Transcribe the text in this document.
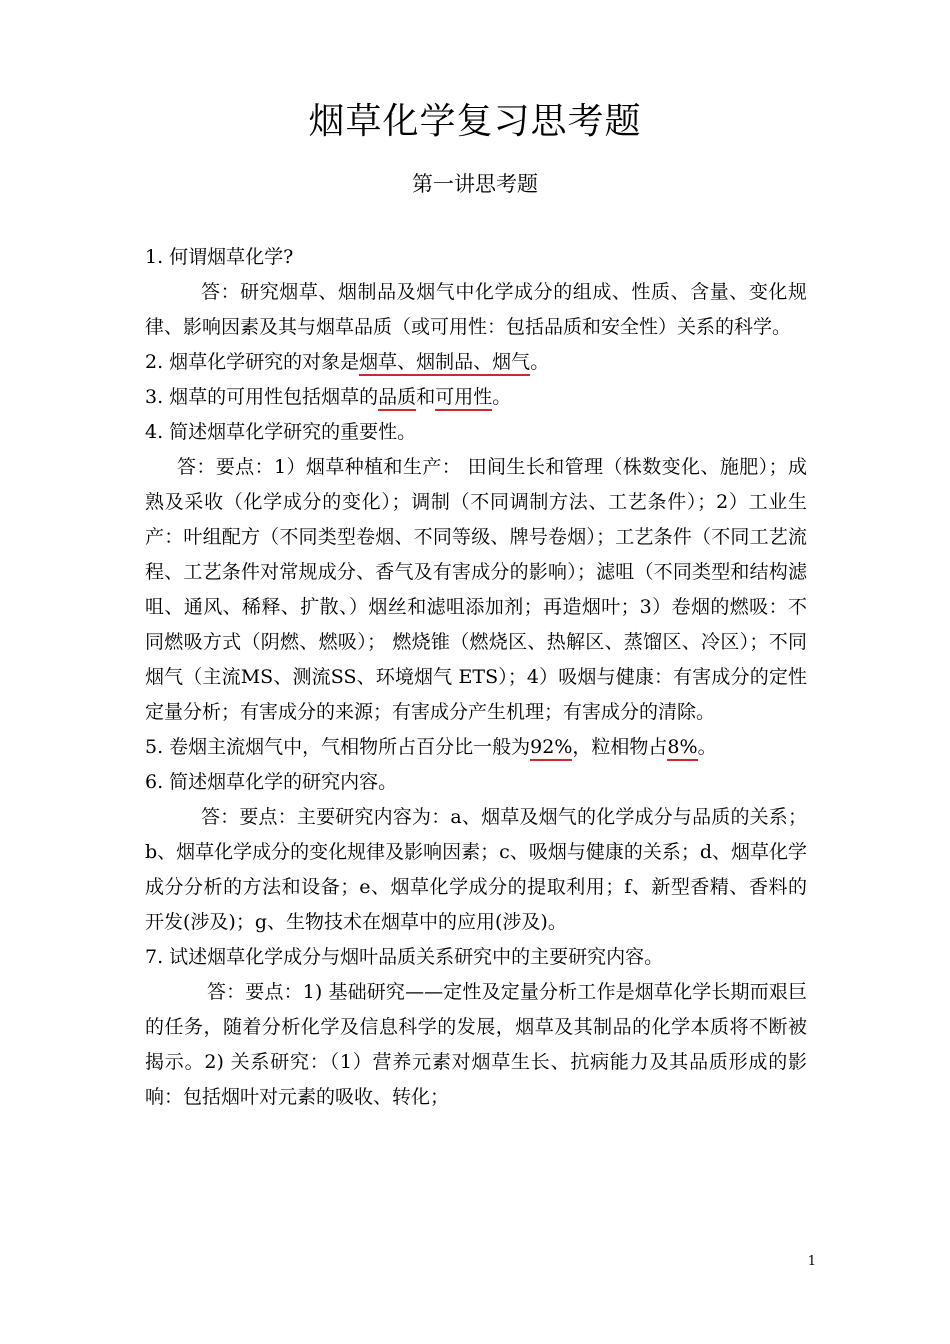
烟草化学复习思考题
第一讲思考题

1. 何谓烟草化学?

答：研究烟草、烟制品及烟气中化学成分的组成、性质、含量、变化规律、影响因素及其与烟草品质（或可用性：包括品质和安全性）关系的科学。

2. 烟草化学研究的对象是烟草、烟制品、烟气。

3. 烟草的可用性包括烟草的品质和可用性。

4. 简述烟草化学研究的重要性。

答：要点：1）烟草种植和生产： 田间生长和管理（株数变化、施肥）；成熟及采收（化学成分的变化）；调制（不同调制方法、工艺条件）；2）工业生产：叶组配方（不同类型卷烟、不同等级、牌号卷烟）；工艺条件（不同工艺流程、工艺条件对常规成分、香气及有害成分的影响）；滤咀（不同类型和结构滤咀、通风、稀释、扩散、）烟丝和滤咀添加剂；再造烟叶；3）卷烟的燃吸：不同燃吸方式（阴燃、燃吸）； 燃烧锥（燃烧区、热解区、蒸馏区、冷区）；不同烟气（主流MS、测流SS、环境烟气 ETS）；4）吸烟与健康：有害成分的定性定量分析；有害成分的来源；有害成分产生机理；有害成分的清除。

5. 卷烟主流烟气中，气相物所占百分比一般为92%，粒相物占8%。

6. 简述烟草化学的研究内容。

答：要点：主要研究内容为：a、烟草及烟气的化学成分与品质的关系；b、烟草化学成分的变化规律及影响因素；c、吸烟与健康的关系；d、烟草化学成分分析的方法和设备；e、烟草化学成分的提取利用；f、新型香精、香料的开发(涉及)；g、生物技术在烟草中的应用(涉及)。

7. 试述烟草化学成分与烟叶品质关系研究中的主要研究内容。

答：要点：1) 基础研究——定性及定量分析工作是烟草化学长期而艰巨的任务，随着分析化学及信息科学的发展，烟草及其制品的化学本质将不断被揭示。2) 关系研究：（1）营养元素对烟草生长、抗病能力及其品质形成的影响：包括烟叶对元素的吸收、转化；

1
